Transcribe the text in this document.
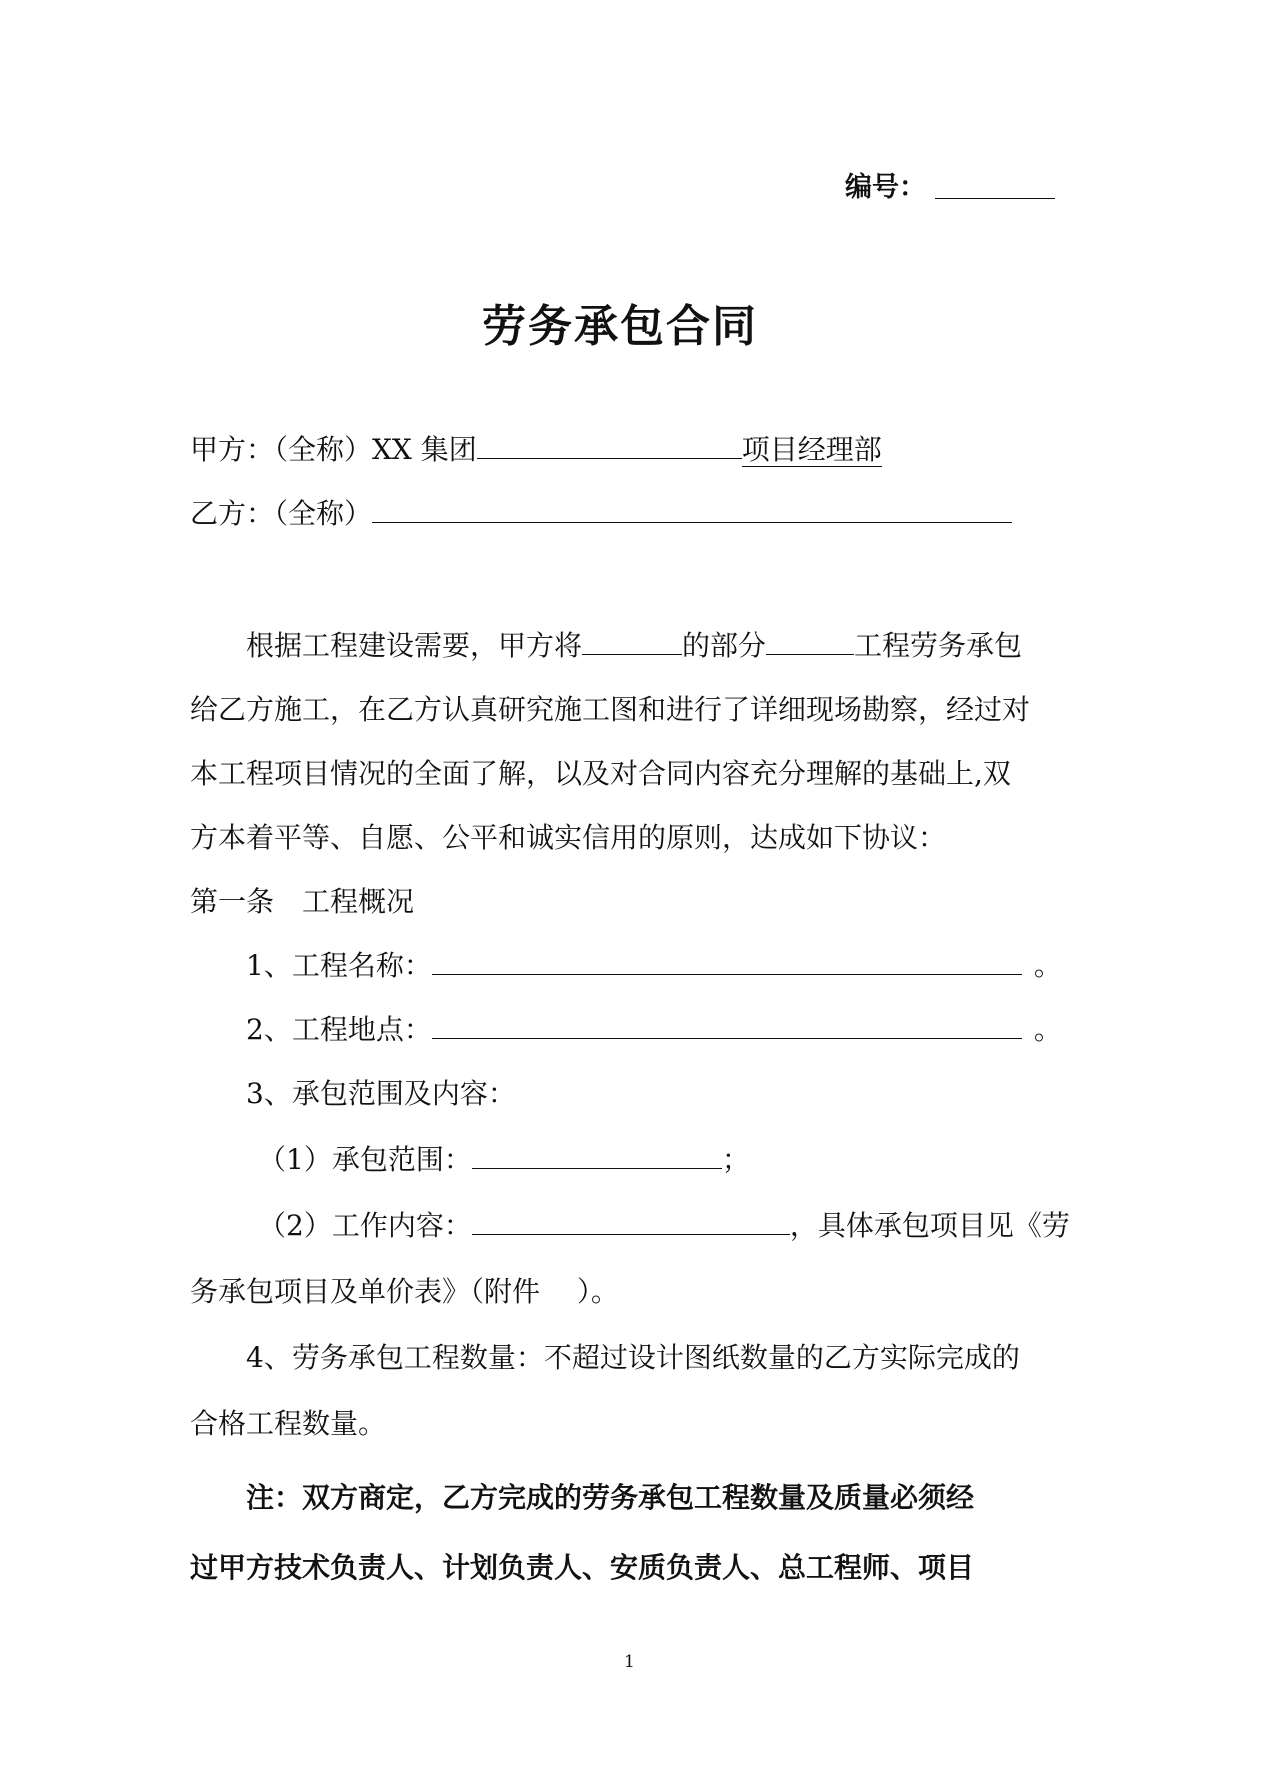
编号：
劳务承包合同
甲方：（全称）XX 集团	项目经理部
乙方：（全称）
根据工程建设需要，甲方将	的部分	工程劳务承包
给乙方施工，在乙方认真研究施工图和进行了详细现场勘察，经过对
本工程项目情况的全面了解，以及对合同内容充分理解的基础上,双
方本着平等、自愿、公平和诚实信用的原则，达成如下协议：
第一条 工程概况
1、工程名称：	。
2、工程地点：	。
3、承包范围及内容：
（1）承包范围：	；
（2）工作内容：	，具体承包项目见《劳
务承包项目及单价表》（附件　 ）。
4、劳务承包工程数量：不超过设计图纸数量的乙方实际完成的
合格工程数量。
注：双方商定，乙方完成的劳务承包工程数量及质量必须经
过甲方技术负责人、计划负责人、安质负责人、总工程师、项目
1
